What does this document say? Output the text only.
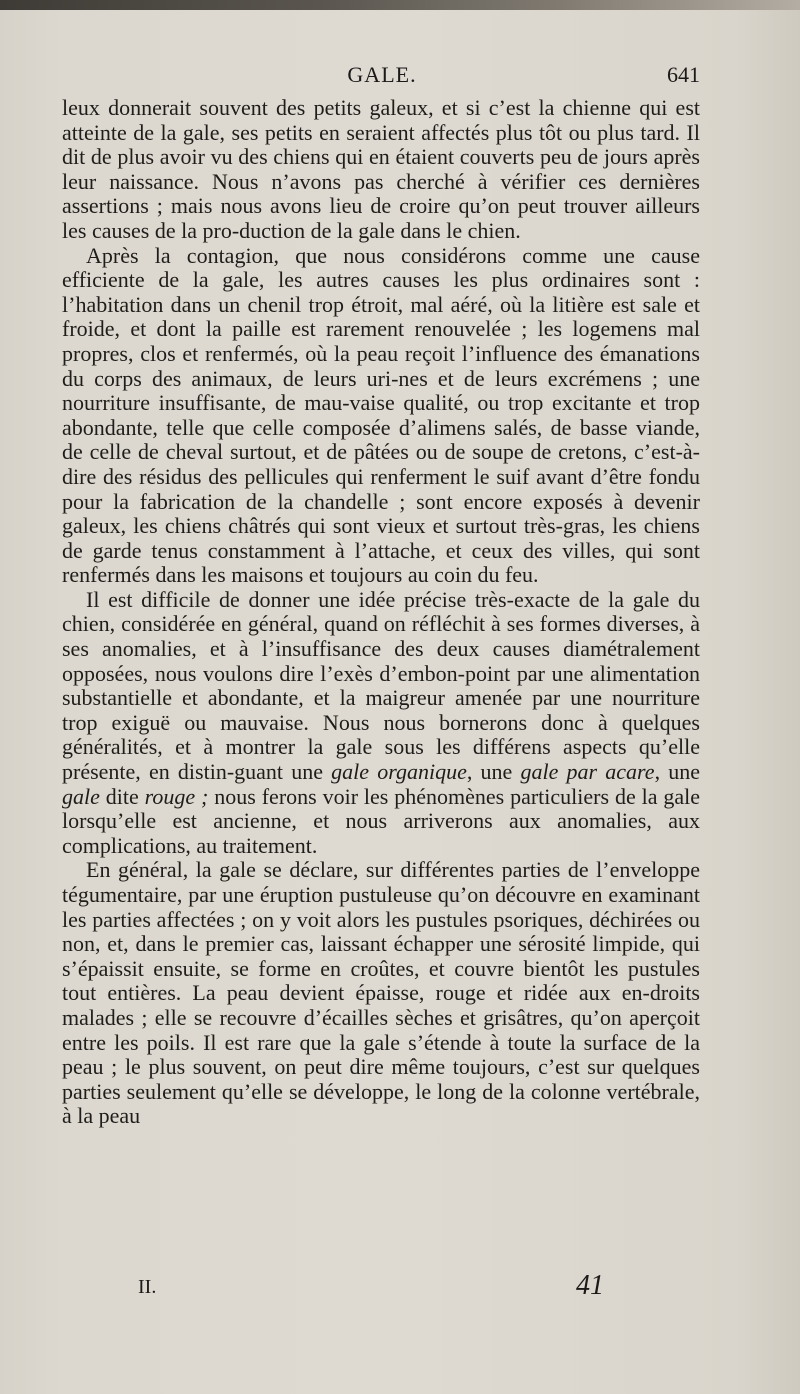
GALE.	641

leux donnerait souvent des petits galeux, et si c’est la chienne qui est atteinte de la gale, ses petits en seraient affectés plus tôt ou plus tard. Il dit de plus avoir vu des chiens qui en étaient couverts peu de jours après leur naissance. Nous n’avons pas cherché à vérifier ces dernières assertions ; mais nous avons lieu de croire qu’on peut trouver ailleurs les causes de la pro-duction de la gale dans le chien.

Après la contagion, que nous considérons comme une cause efficiente de la gale, les autres causes les plus ordinaires sont : l’habitation dans un chenil trop étroit, mal aéré, où la litière est sale et froide, et dont la paille est rarement renouvelée ; les logemens mal propres, clos et renfermés, où la peau reçoit l’influence des émanations du corps des animaux, de leurs uri-nes et de leurs excrémens ; une nourriture insuffisante, de mau-vaise qualité, ou trop excitante et trop abondante, telle que celle composée d’alimens salés, de basse viande, de celle de cheval surtout, et de pâtées ou de soupe de cretons, c’est-à-dire des résidus des pellicules qui renferment le suif avant d’être fondu pour la fabrication de la chandelle ; sont encore exposés à devenir galeux, les chiens châtrés qui sont vieux et surtout très-gras, les chiens de garde tenus constamment à l’attache, et ceux des villes, qui sont renfermés dans les maisons et toujours au coin du feu.

Il est difficile de donner une idée précise très-exacte de la gale du chien, considérée en général, quand on réfléchit à ses formes diverses, à ses anomalies, et à l’insuffisance des deux causes diamétralement opposées, nous voulons dire l’exès d’embon-point par une alimentation substantielle et abondante, et la maigreur amenée par une nourriture trop exiguë ou mauvaise. Nous nous bornerons donc à quelques généralités, et à montrer la gale sous les différens aspects qu’elle présente, en distin-guant une gale organique, une gale par acare, une gale dite rouge ; nous ferons voir les phénomènes particuliers de la gale lorsqu’elle est ancienne, et nous arriverons aux anomalies, aux complications, au traitement.

En général, la gale se déclare, sur différentes parties de l’enveloppe tégumentaire, par une éruption pustuleuse qu’on découvre en examinant les parties affectées ; on y voit alors les pustules psoriques, déchirées ou non, et, dans le premier cas, laissant échapper une sérosité limpide, qui s’épaissit ensuite, se forme en croûtes, et couvre bientôt les pustules tout entières. La peau devient épaisse, rouge et ridée aux en-droits malades ; elle se recouvre d’écailles sèches et grisâtres, qu’on aperçoit entre les poils. Il est rare que la gale s’étende à toute la surface de la peau ; le plus souvent, on peut dire même toujours, c’est sur quelques parties seulement qu’elle se développe, le long de la colonne vertébrale, à la peau

II.	41
